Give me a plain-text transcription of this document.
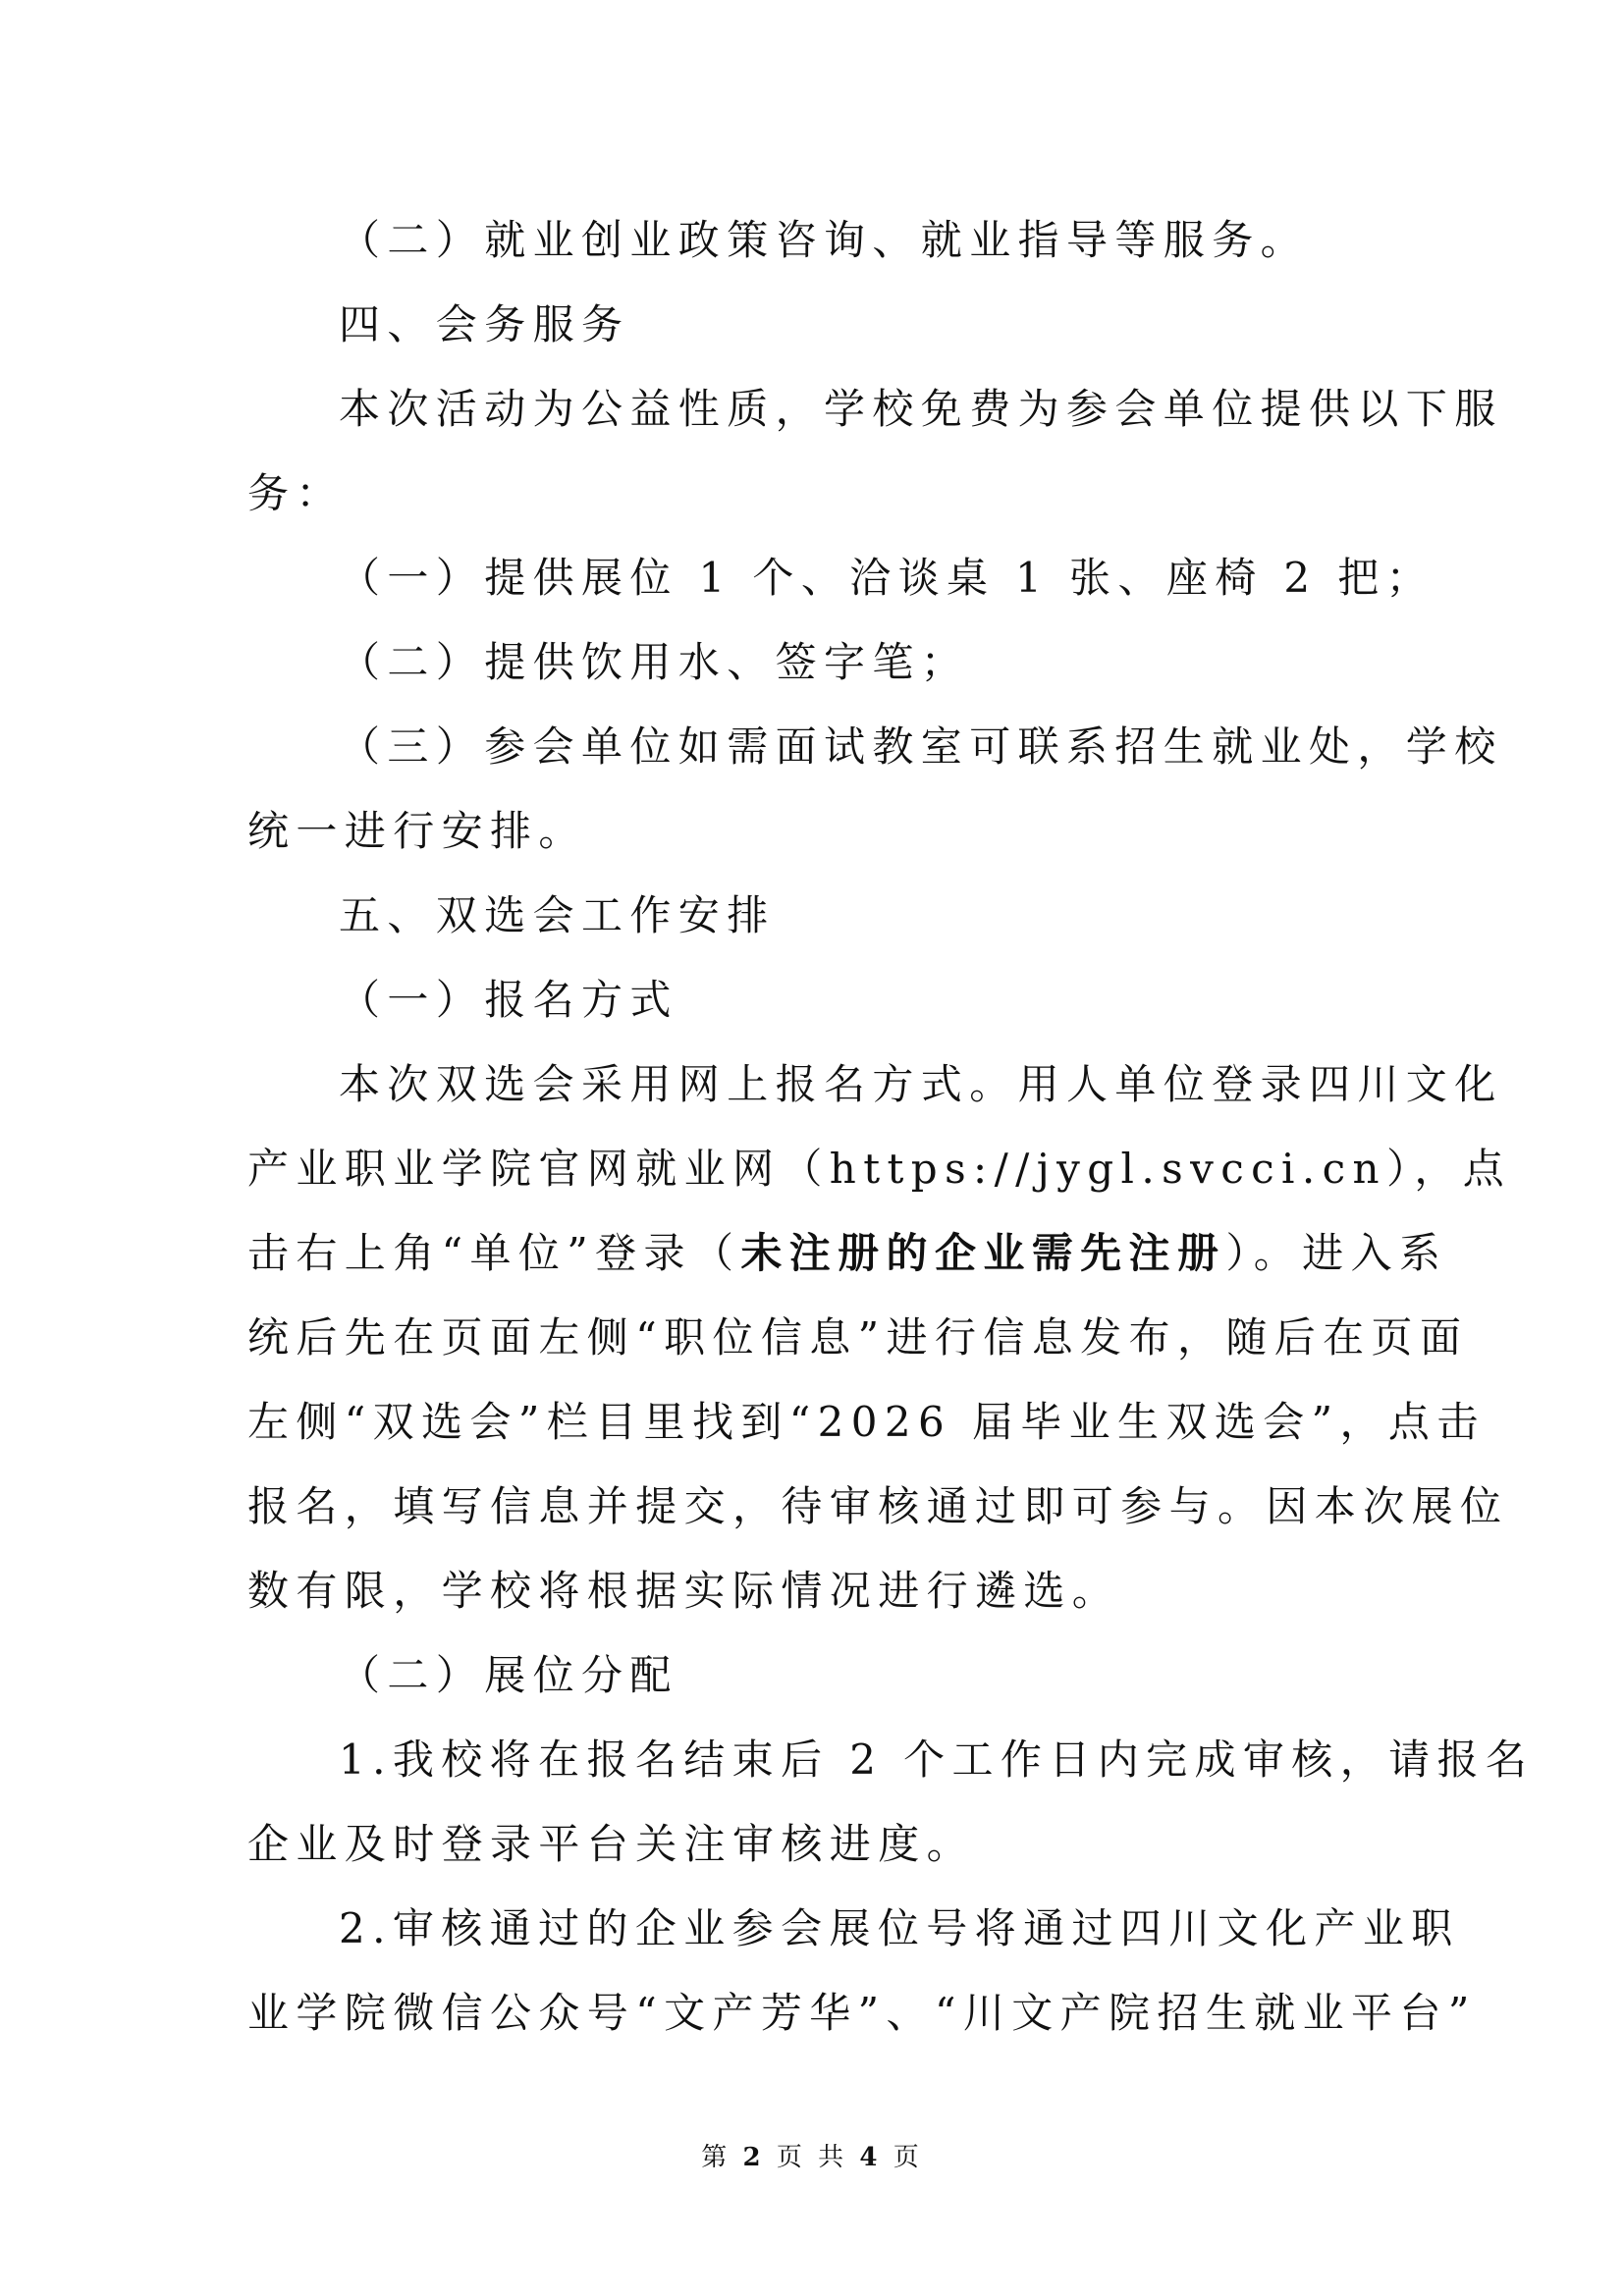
（二）就业创业政策咨询、就业指导等服务。
四、会务服务
本次活动为公益性质，学校免费为参会单位提供以下服
务：
（一）提供展位 1 个、洽谈桌 1 张、座椅 2 把；
（二）提供饮用水、签字笔；
（三）参会单位如需面试教室可联系招生就业处，学校
统一进行安排。
五、双选会工作安排
（一）报名方式
本次双选会采用网上报名方式。用人单位登录四川文化
产业职业学院官网就业网（https://jygl.svcci.cn），点
击右上角“单位”登录（未注册的企业需先注册）。进入系
统后先在页面左侧“职位信息”进行信息发布，随后在页面
左侧“双选会”栏目里找到“2026 届毕业生双选会”，点击
报名，填写信息并提交，待审核通过即可参与。因本次展位
数有限，学校将根据实际情况进行遴选。
（二）展位分配
1.我校将在报名结束后 2 个工作日内完成审核，请报名
企业及时登录平台关注审核进度。
2.审核通过的企业参会展位号将通过四川文化产业职
业学院微信公众号“文产芳华”、“川文产院招生就业平台”
第 2 页 共 4 页
